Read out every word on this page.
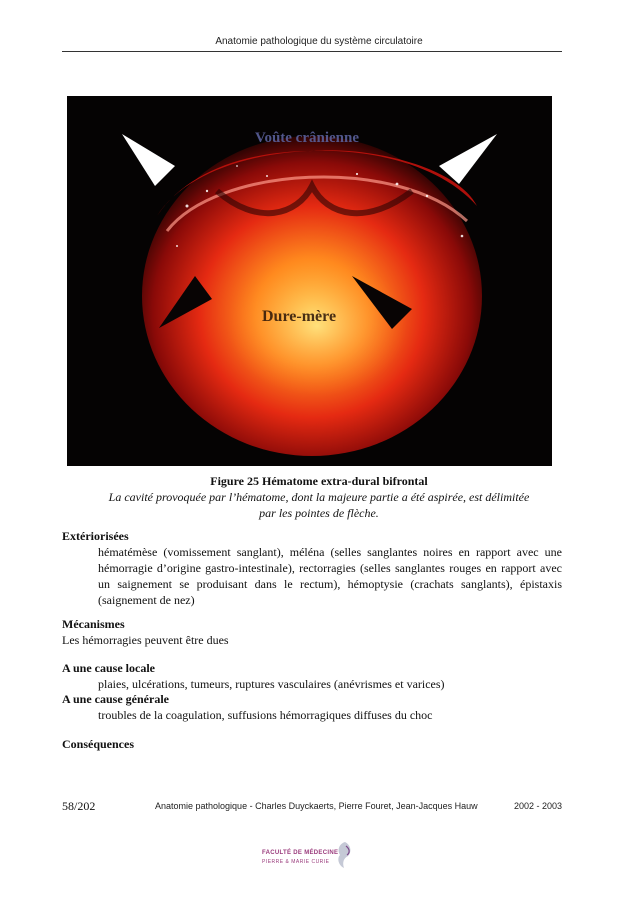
Anatomie pathologique du système circulatoire
Voûte crânienne
Dure-mère
Figure 25 Hématome extra-dural bifrontal
La cavité provoquée par l’hématome, dont la majeure partie a été aspirée, est délimitée par les pointes de flèche.
Extériorisées
hématémèse (vomissement sanglant), méléna (selles sanglantes noires en rapport avec une hémorragie d’origine gastro-intestinale), rectorragies (selles sanglantes rouges en rapport avec un saignement se produisant dans le rectum), hémoptysie (crachats sanglants), épistaxis (saignement de nez)
Mécanismes
Les hémorragies peuvent être dues
A une cause locale
plaies, ulcérations, tumeurs, ruptures vasculaires (anévrismes et varices)
A une cause générale
troubles de la coagulation, suffusions hémorragiques diffuses du choc
Conséquences
58/202	Anatomie pathologique - Charles Duyckaerts, Pierre Fouret, Jean-Jacques Hauw	2002 - 2003
FACULTÉ DE MÉDECINE
PIERRE & MARIE CURIE
